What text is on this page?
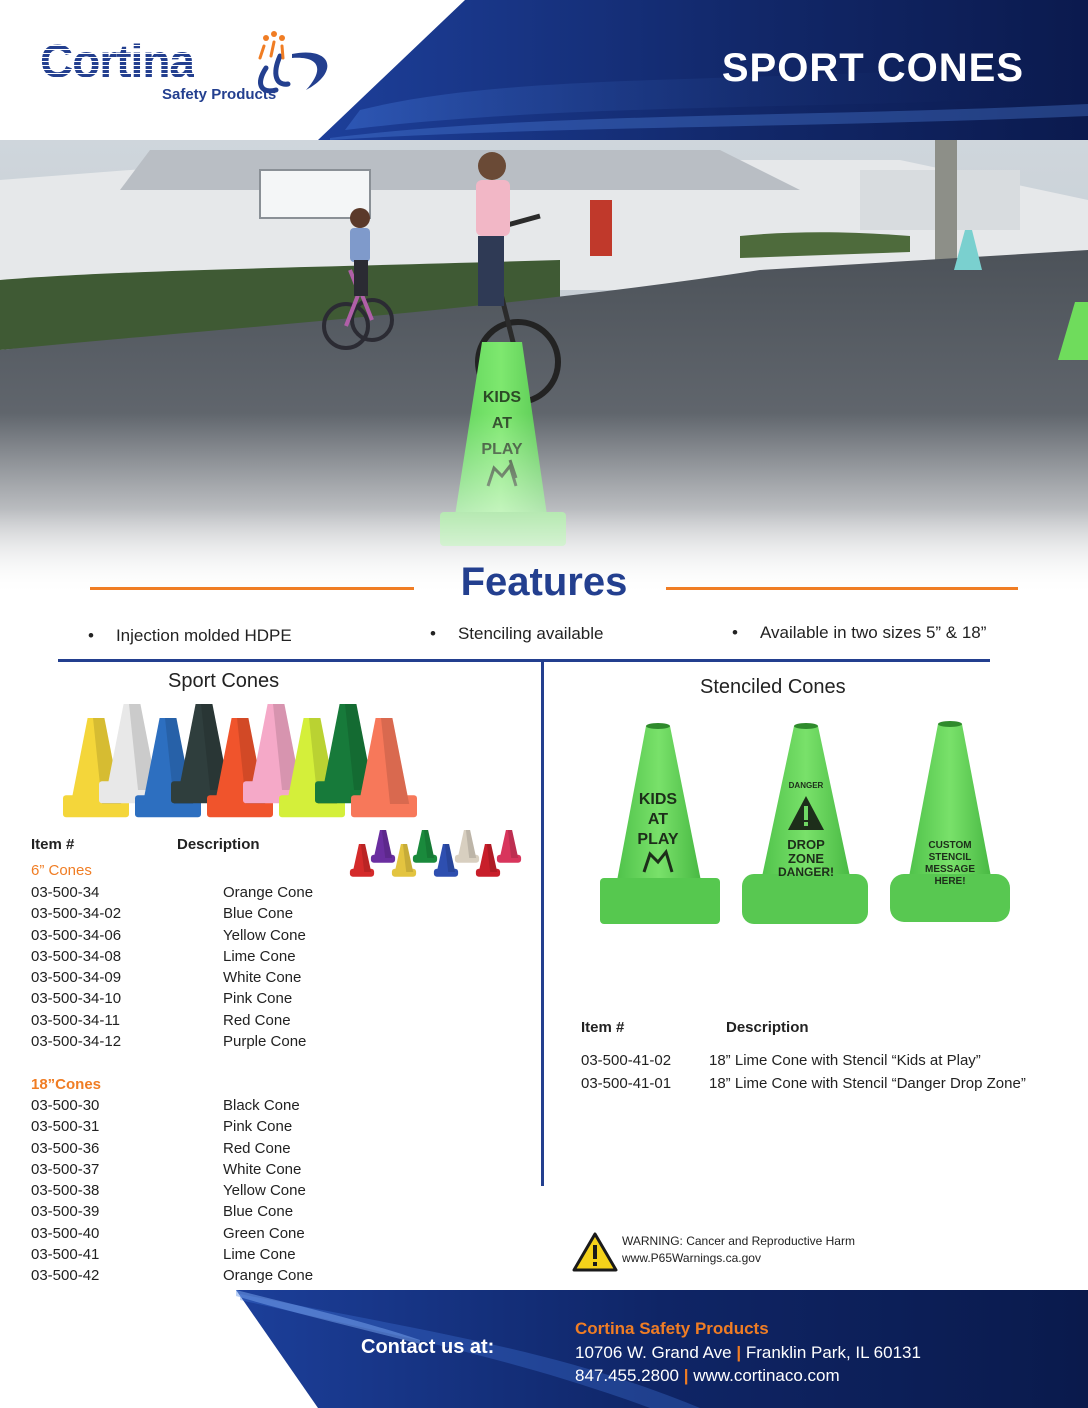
Cortina
Safety Products
SPORT CONES
Features
• Injection molded HDPE	• Stenciling available	• Available in two sizes 5” & 18”
Sport Cones
Item #	Description
6” Cones
03-500-34	Orange Cone
03-500-34-02	Blue Cone
03-500-34-06	Yellow Cone
03-500-34-08	Lime Cone
03-500-34-09	White Cone
03-500-34-10	Pink Cone
03-500-34-11	Red Cone
03-500-34-12	Purple Cone
18”Cones
03-500-30	Black Cone
03-500-31	Pink Cone
03-500-36	Red Cone
03-500-37	White Cone
03-500-38	Yellow Cone
03-500-39	Blue Cone
03-500-40	Green Cone
03-500-41	Lime Cone
03-500-42	Orange Cone
Stenciled Cones
KIDS
AT
PLAY
DANGER
DROP
ZONE
DANGER!
CUSTOM
STENCIL
MESSAGE
HERE!
Item #	Description
03-500-41-02	18” Lime Cone with Stencil “Kids at Play”
03-500-41-01	18” Lime Cone with Stencil “Danger Drop Zone”
WARNING: Cancer and Reproductive Harm
www.P65Warnings.ca.gov
Contact us at:
Cortina Safety Products
10706 W. Grand Ave | Franklin Park, IL 60131
847.455.2800 | www.cortinaco.com
